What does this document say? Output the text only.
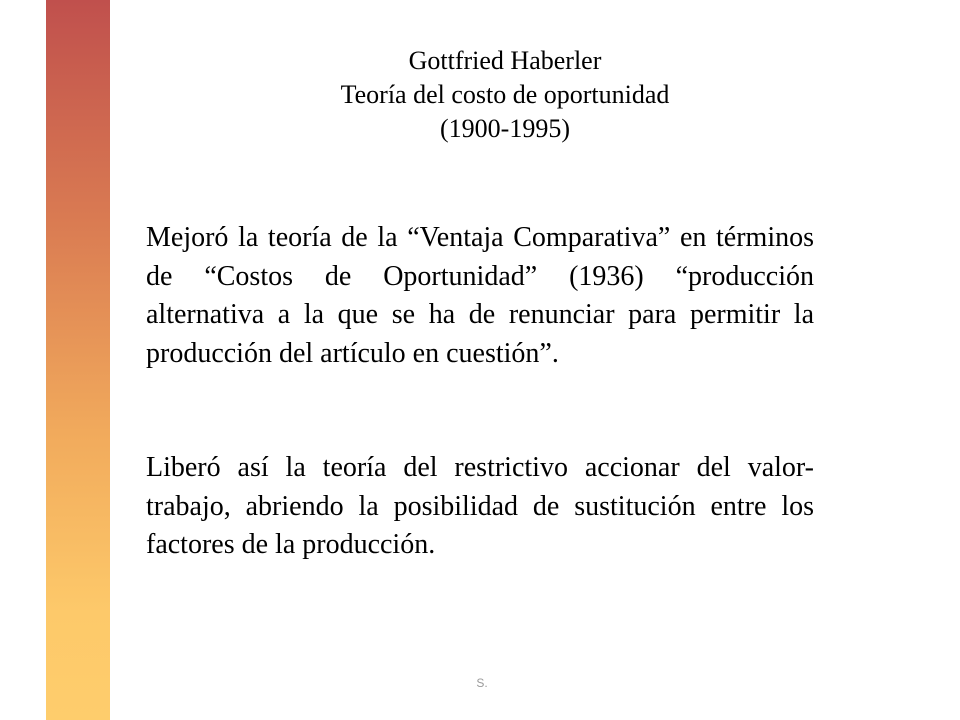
Gottfried Haberler
Teoría del costo de oportunidad
(1900-1995)

Mejoró la teoría de la “Ventaja Comparativa” en términos de “Costos de Oportunidad” (1936) “producción alternativa a la que se ha de renunciar para permitir la producción del artículo en cuestión”.

Liberó así la teoría del restrictivo accionar del valor-trabajo, abriendo la posibilidad de sustitución entre los factores de la producción.

S.
